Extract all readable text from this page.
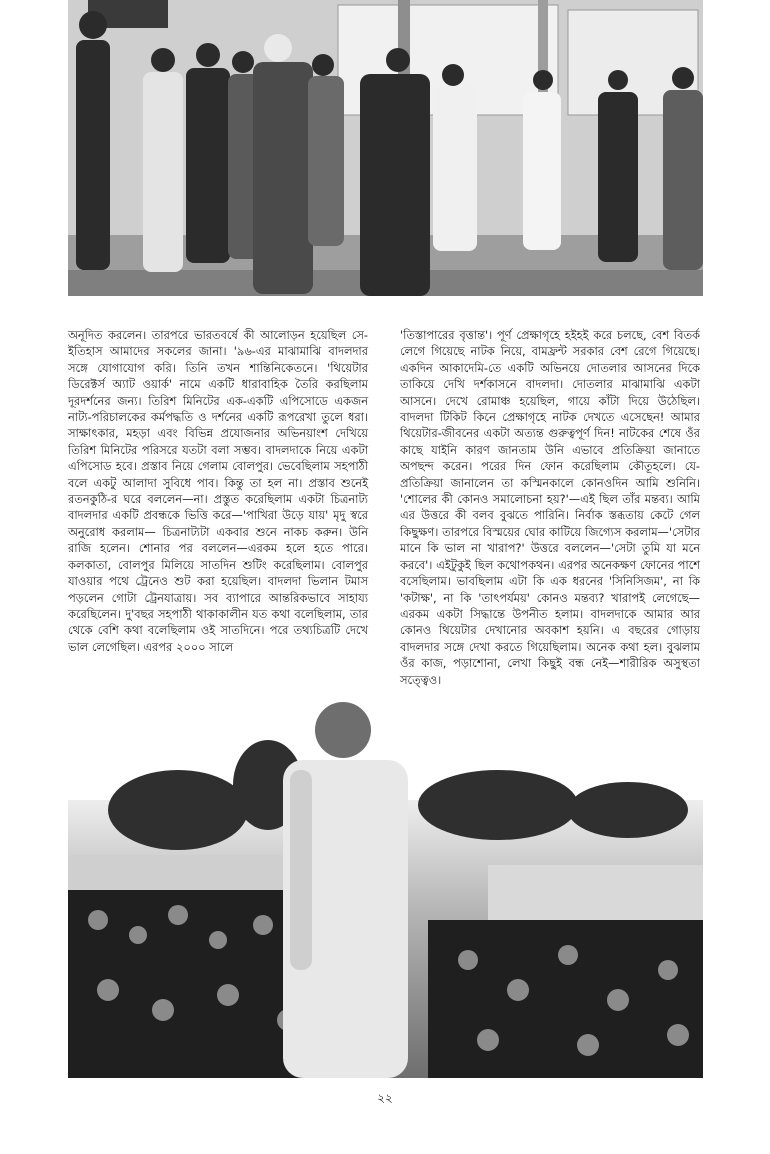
অনূদিত করলেন। তারপরে ভারতবর্ষে কী আলোড়ন হয়েছিল সে-ইতিহাস আমাদের সকলের জানা। '৯৬-এর মাঝামাঝি বাদলদার সঙ্গে যোগাযোগ করি। তিনি তখন শান্তিনিকেতনে। 'থিয়েটার ডিরেক্টর্স অ্যাট ওয়ার্ক' নামে একটি ধারাবাহিক তৈরি করছিলাম দূরদর্শনের জন্য। তিরিশ মিনিটের এক-একটি এপিসোডে একজন নাট্য-পরিচালকের কর্মপদ্ধতি ও দর্শনের একটি রূপরেখা তুলে ধরা। সাক্ষাৎকার, মহড়া এবং বিভিন্ন প্রযোজনার অভিনয়াংশ দেখিয়ে তিরিশ মিনিটের পরিসরে যতটা বলা সম্ভব। বাদলদাকে নিয়ে একটা এপিসোড হবে। প্রস্তাব নিয়ে গেলাম বোলপুর। ভেবেছিলাম সহপাঠী বলে একটু আলাদা সুবিধে পাব। কিন্তু তা হল না। প্রস্তাব শুনেই রতনকুঠি-র ঘরে বললেন—না। প্রস্তুত করেছিলাম একটা চিত্রনাট্য বাদলদার একটি প্রবন্ধকে ভিত্তি করে—'পাখিরা উড়ে যায়' মৃদু স্বরে অনুরোধ করলাম— চিত্রনাট্যটা একবার শুনে নাকচ করুন। উনি রাজি হলেন। শোনার পর বললেন—এরকম হলে হতে পারে। কলকাতা, বোলপুর মিলিয়ে সাতদিন শুটিং করেছিলাম। বোলপুর যাওয়ার পথে ট্রেনেও শুট করা হয়েছিল। বাদলদা ভিলান টমাস পড়লেন গোটা ট্রেনযাত্রায়। সব ব্যাপারে আন্তরিকভাবে সাহায্য করেছিলেন। দু'বছর সহপাঠী থাকাকালীন যত কথা বলেছিলাম, তার থেকে বেশি কথা বলেছিলাম ওই সাতদিনে। পরে তথ্যচিত্রটি দেখে ভাল লেগেছিল। এরপর ২০০০ সালে

'তিস্তাপারের বৃত্তান্ত'। পূর্ণ প্রেক্ষাগৃহে হইহই করে চলছে, বেশ বিতর্ক লেগে গিয়েছে নাটক নিয়ে, বামফ্রন্ট সরকার বেশ রেগে গিয়েছে। একদিন আকাদেমি-তে একটি অভিনয়ে দোতলার আসনের দিকে তাকিয়ে দেখি দর্শকাসনে বাদলদা। দোতলার মাঝামাঝি একটা আসনে। দেখে রোমাঞ্চ হয়েছিল, গায়ে কাঁটা দিয়ে উঠেছিল। বাদলদা টিকিট কিনে প্রেক্ষাগৃহে নাটক দেখতে এসেছেন! আমার থিয়েটার-জীবনের একটা অত্যন্ত গুরুত্বপূর্ণ দিন! নাটকের শেষে ওঁর কাছে যাইনি কারণ জানতাম উনি এভাবে প্রতিক্রিয়া জানাতে অপছন্দ করেন। পরের দিন ফোন করেছিলাম কৌতূহলে। যে-প্রতিক্রিয়া জানালেন তা কস্মিনকালে কোনওদিন আমি শুনিনি। 'শোলের কী কোনও সমালোচনা হয়?'—এই ছিল তাঁর মন্তব্য। আমি এর উত্তরে কী বলব বুঝতে পারিনি। নির্বাক স্তব্ধতায় কেটে গেল কিছুক্ষণ। তারপরে বিস্ময়ের ঘোর কাটিয়ে জিগ্যেস করলাম—'সেটার মানে কি ভাল না খারাপ?' উত্তরে বললেন—'সেটা তুমি যা মনে করবে'। এইটুকুই ছিল কথোপকথন। এরপর অনেকক্ষণ ফোনের পাশে বসেছিলাম। ভাবছিলাম এটা কি এক ধরনের 'সিনিসিজম', না কি 'কটাক্ষ', না কি 'তাৎপর্যময়' কোনও মন্তব্য? খারাপই লেগেছে—এরকম একটা সিদ্ধান্তে উপনীত হলাম। বাদলদাকে আমার আর কোনও থিয়েটার দেখানোর অবকাশ হয়নি। এ বছরের গোড়ায় বাদলদার সঙ্গে দেখা করতে গিয়েছিলাম। অনেক কথা হল। বুঝলাম ওঁর কাজ, পড়াশোনা, লেখা কিছুই বন্ধ নেই—শারীরিক অসুস্থতা সত্ত্বেও।

২২
